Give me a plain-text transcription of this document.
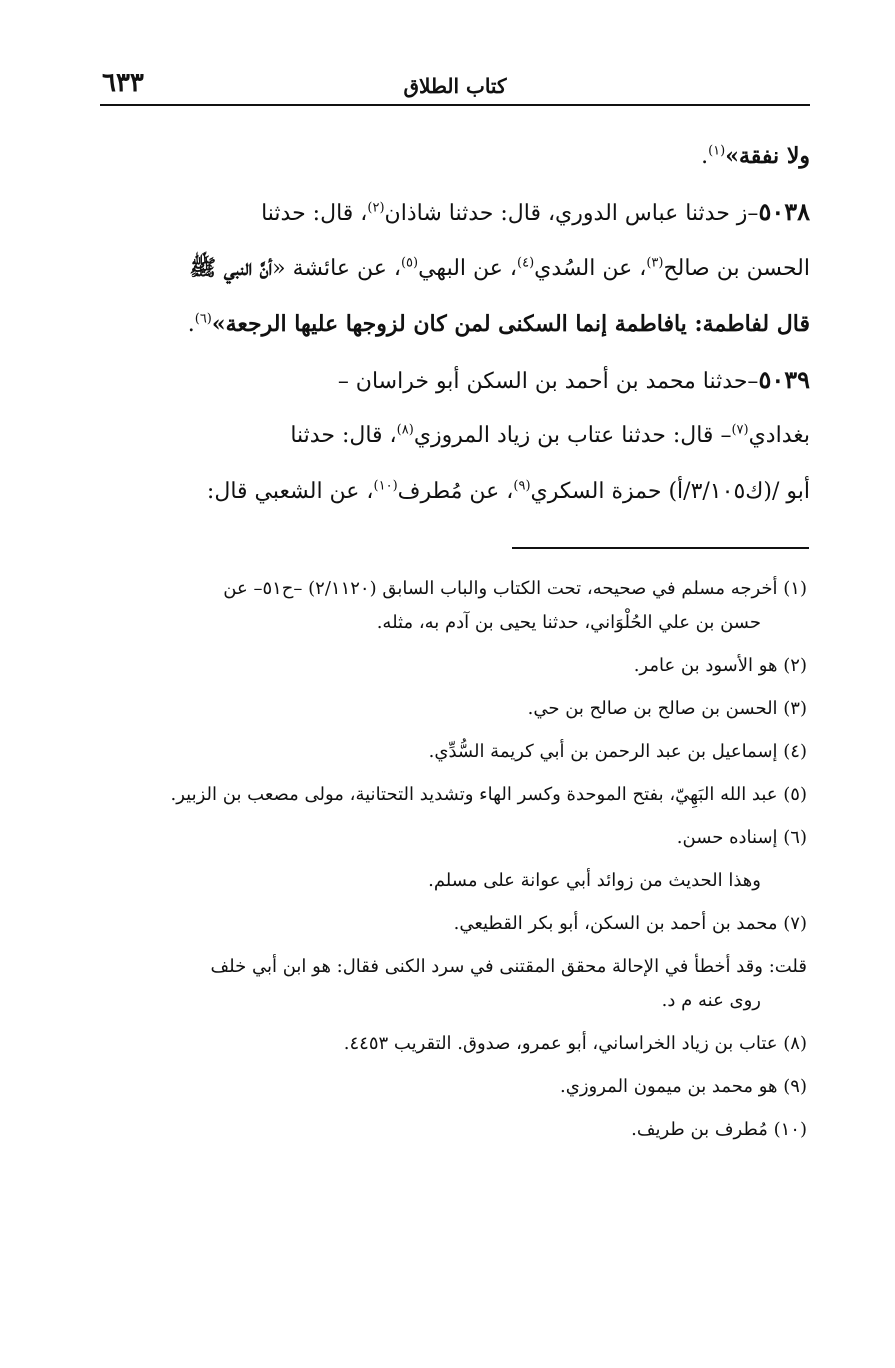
كتاب الطلاق
٦٣٣
ولا نفقة»$^{(١)}$.
٥٠٣٨–ز حدثنا عباس الدوري، قال: حدثنا شاذان$^{(٢)}$، قال: حدثنا
الحسن بن صالح$^{(٣)}$، عن السُدي$^{(٤)}$، عن البهي$^{(٥)}$، عن عائشة «أنَّ النبي ﷺ
قال لفاطمة: يافاطمة إنما السكنى لمن كان لزوجها عليها الرجعة»$^{(٦)}$.
٥٠٣٩–حدثنا محمد بن أحمد بن السكن أبو خراسان –
بغدادي$^{(٧)}$– قال: حدثنا عتاب بن زياد المروزي$^{(٨)}$، قال: حدثنا
أبو /(ك٣/١٠٥/أ) حمزة السكري$^{(٩)}$، عن مُطرف$^{(١٠)}$، عن الشعبي قال:
(١) أخرجه مسلم في صحيحه، تحت الكتاب والباب السابق (٢/١١٢٠) –ح٥١– عن
حسن بن علي الحُلْوَاني، حدثنا يحيى بن آدم به، مثله.
(٢) هو الأسود بن عامر.
(٣) الحسن بن صالح بن صالح بن حي.
(٤) إسماعيل بن عبد الرحمن بن أبي كريمة السُّدِّي.
(٥) عبد الله البَهِيّ، بفتح الموحدة وكسر الهاء وتشديد التحتانية، مولى مصعب بن الزبير.
(٦) إسناده حسن.
وهذا الحديث من زوائد أبي عوانة على مسلم.
(٧) محمد بن أحمد بن السكن، أبو بكر القطيعي.
قلت: وقد أخطأ في الإحالة محقق المقتنى في سرد الكنى فقال: هو ابن أبي خلف
روى عنه م د.
(٨) عتاب بن زياد الخراساني، أبو عمرو، صدوق. التقريب ٤٤٥٣.
(٩) هو محمد بن ميمون المروزي.
(١٠) مُطرف بن طريف.
